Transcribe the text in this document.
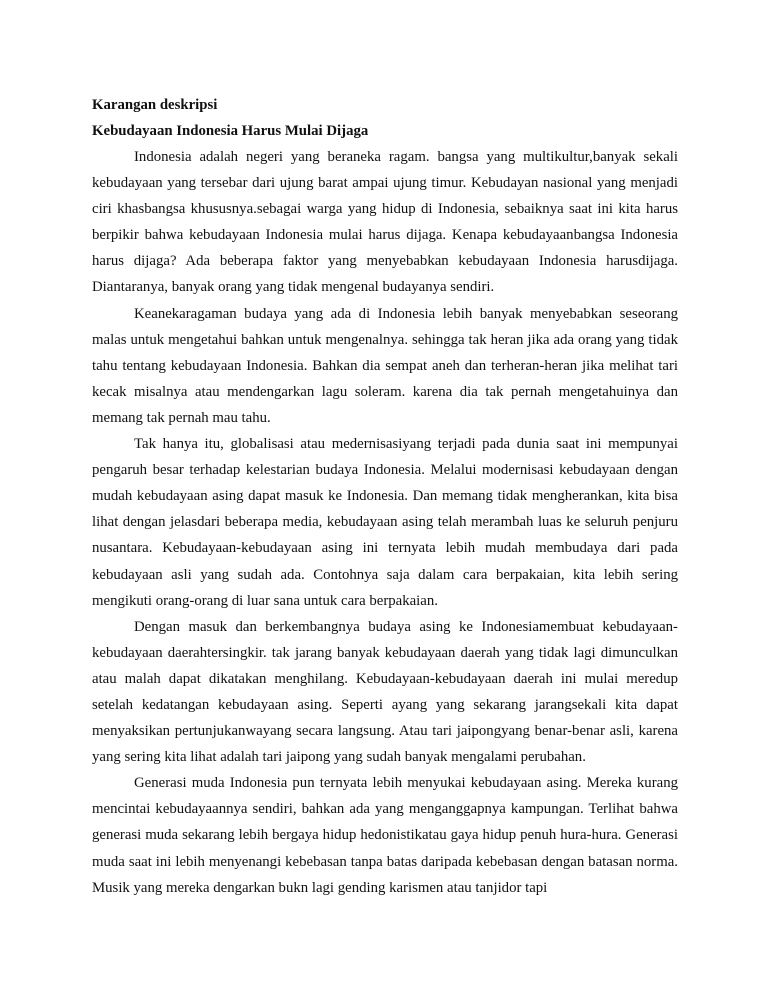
Karangan deskripsi
Kebudayaan Indonesia Harus Mulai Dijaga

Indonesia adalah negeri yang beraneka ragam. bangsa yang multikultur,banyak sekali kebudayaan yang tersebar dari ujung barat ampai ujung timur. Kebudayan nasional yang menjadi ciri khasbangsa khususnya.sebagai warga yang hidup di Indonesia, sebaiknya saat ini kita harus berpikir bahwa kebudayaan Indonesia mulai harus dijaga. Kenapa kebudayaanbangsa Indonesia harus dijaga? Ada beberapa faktor yang menyebabkan kebudayaan Indonesia harusdijaga. Diantaranya, banyak orang yang tidak mengenal budayanya sendiri.

Keanekaragaman budaya yang ada di Indonesia lebih banyak menyebabkan seseorang malas untuk mengetahui bahkan untuk mengenalnya. sehingga tak heran jika ada orang yang tidak tahu tentang kebudayaan Indonesia. Bahkan dia sempat aneh dan terheran-heran jika melihat tari kecak misalnya atau mendengarkan lagu soleram. karena dia tak pernah mengetahuinya dan memang tak pernah mau tahu.

Tak hanya itu, globalisasi atau medernisasiyang terjadi pada dunia saat ini mempunyai pengaruh besar terhadap kelestarian budaya Indonesia. Melalui modernisasi kebudayaan dengan mudah kebudayaan asing dapat masuk ke Indonesia. Dan memang tidak mengherankan, kita bisa lihat dengan jelasdari beberapa media, kebudayaan asing telah merambah luas ke seluruh penjuru nusantara. Kebudayaan-kebudayaan asing ini ternyata lebih mudah membudaya dari pada kebudayaan asli yang sudah ada. Contohnya saja dalam cara berpakaian, kita lebih sering mengikuti orang-orang di luar sana untuk cara berpakaian.

Dengan masuk dan berkembangnya budaya asing ke Indonesiamembuat kebudayaan-kebudayaan daerahtersingkir. tak jarang banyak kebudayaan daerah yang tidak lagi dimunculkan atau malah dapat dikatakan menghilang. Kebudayaan-kebudayaan daerah ini mulai meredup setelah kedatangan kebudayaan asing. Seperti ayang yang sekarang jarangsekali kita dapat menyaksikan pertunjukanwayang secara langsung. Atau tari jaipongyang benar-benar asli, karena yang sering kita lihat adalah tari jaipong yang sudah banyak mengalami perubahan.

Generasi muda Indonesia pun ternyata lebih menyukai kebudayaan asing. Mereka kurang mencintai kebudayaannya sendiri, bahkan ada yang menganggapnya kampungan. Terlihat bahwa generasi muda sekarang lebih bergaya hidup hedonistikatau gaya hidup penuh hura-hura. Generasi muda saat ini lebih menyenangi kebebasan tanpa batas daripada kebebasan dengan batasan norma. Musik yang mereka dengarkan bukn lagi gending karismen atau tanjidor tapi
